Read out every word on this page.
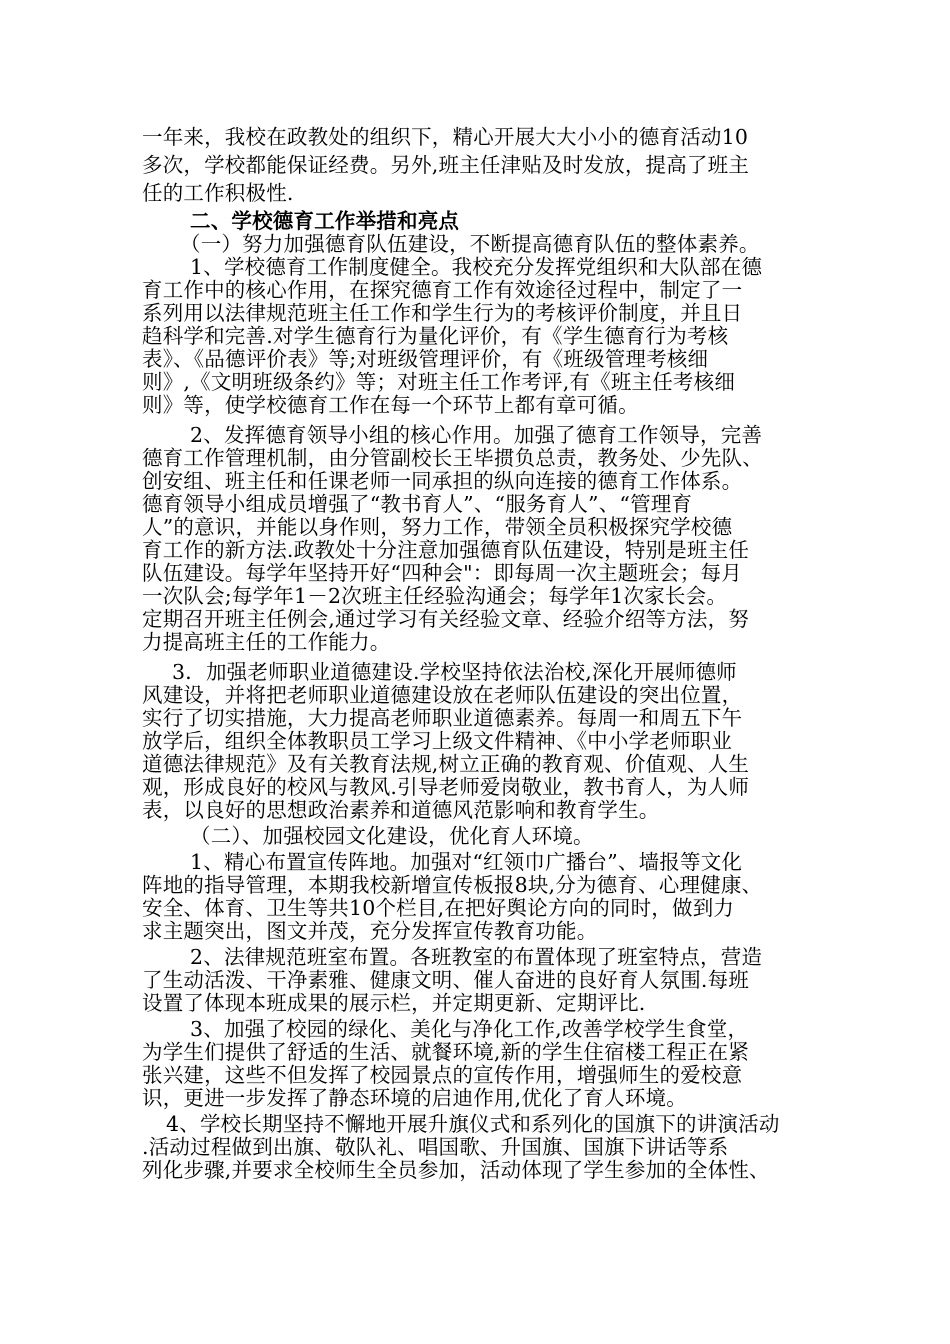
一年来，我校在政教处的组织下，精心开展大大小小的德育活动10
多次，学校都能保证经费。另外,班主任津贴及时发放，提高了班主
任的工作积极性.
二、学校德育工作举措和亮点
（一）努力加强德育队伍建设，不断提高德育队伍的整体素养。
1、学校德育工作制度健全。我校充分发挥党组织和大队部在德
育工作中的核心作用，在探究德育工作有效途径过程中，制定了一
系列用以法律规范班主任工作和学生行为的考核评价制度，并且日
趋科学和完善.对学生德育行为量化评价，有《学生德育行为考核
表》、《品德评价表》等;对班级管理评价，有《班级管理考核细
则》,《文明班级条约》等；对班主任工作考评,有《班主任考核细
则》等，使学校德育工作在每一个环节上都有章可循。
2、发挥德育领导小组的核心作用。加强了德育工作领导，完善
德育工作管理机制，由分管副校长王毕掼负总责，教务处、少先队、
创安组、班主任和任课老师一同承担的纵向连接的德育工作体系。
德育领导小组成员增强了“教书育人”、“服务育人”、“管理育
人”的意识，并能以身作则，努力工作，带领全员积极探究学校德
育工作的新方法.政教处十分注意加强德育队伍建设，特别是班主任
队伍建设。每学年坚持开好“四种会"：即每周一次主题班会；每月
一次队会;每学年1－2次班主任经验沟通会；每学年1次家长会。
定期召开班主任例会,通过学习有关经验文章、经验介绍等方法，努
力提高班主任的工作能力。
3．加强老师职业道德建设.学校坚持依法治校,深化开展师德师
风建设，并将把老师职业道德建设放在老师队伍建设的突出位置，
实行了切实措施，大力提高老师职业道德素养。每周一和周五下午
放学后，组织全体教职员工学习上级文件精神、《中小学老师职业
道德法律规范》及有关教育法规,树立正确的教育观、价值观、人生
观，形成良好的校风与教风.引导老师爱岗敬业，教书育人，为人师
表，以良好的思想政治素养和道德风范影响和教育学生。
（二）、加强校园文化建设，优化育人环境。
1、精心布置宣传阵地。加强对“红领巾广播台”、墙报等文化
阵地的指导管理，本期我校新增宣传板报8块,分为德育、心理健康、
安全、体育、卫生等共10个栏目,在把好舆论方向的同时，做到力
求主题突出，图文并茂，充分发挥宣传教育功能。
2、法律规范班室布置。各班教室的布置体现了班室特点，营造
了生动活泼、干净素雅、健康文明、催人奋进的良好育人氛围.每班
设置了体现本班成果的展示栏，并定期更新、定期评比.
3、加强了校园的绿化、美化与净化工作,改善学校学生食堂，
为学生们提供了舒适的生活、就餐环境,新的学生住宿楼工程正在紧
张兴建，这些不但发挥了校园景点的宣传作用，增强师生的爱校意
识，更进一步发挥了静态环境的启迪作用,优化了育人环境。
4、学校长期坚持不懈地开展升旗仪式和系列化的国旗下的讲演活动
.活动过程做到出旗、敬队礼、唱国歌、升国旗、国旗下讲话等系
列化步骤,并要求全校师生全员参加，活动体现了学生参加的全体性、
